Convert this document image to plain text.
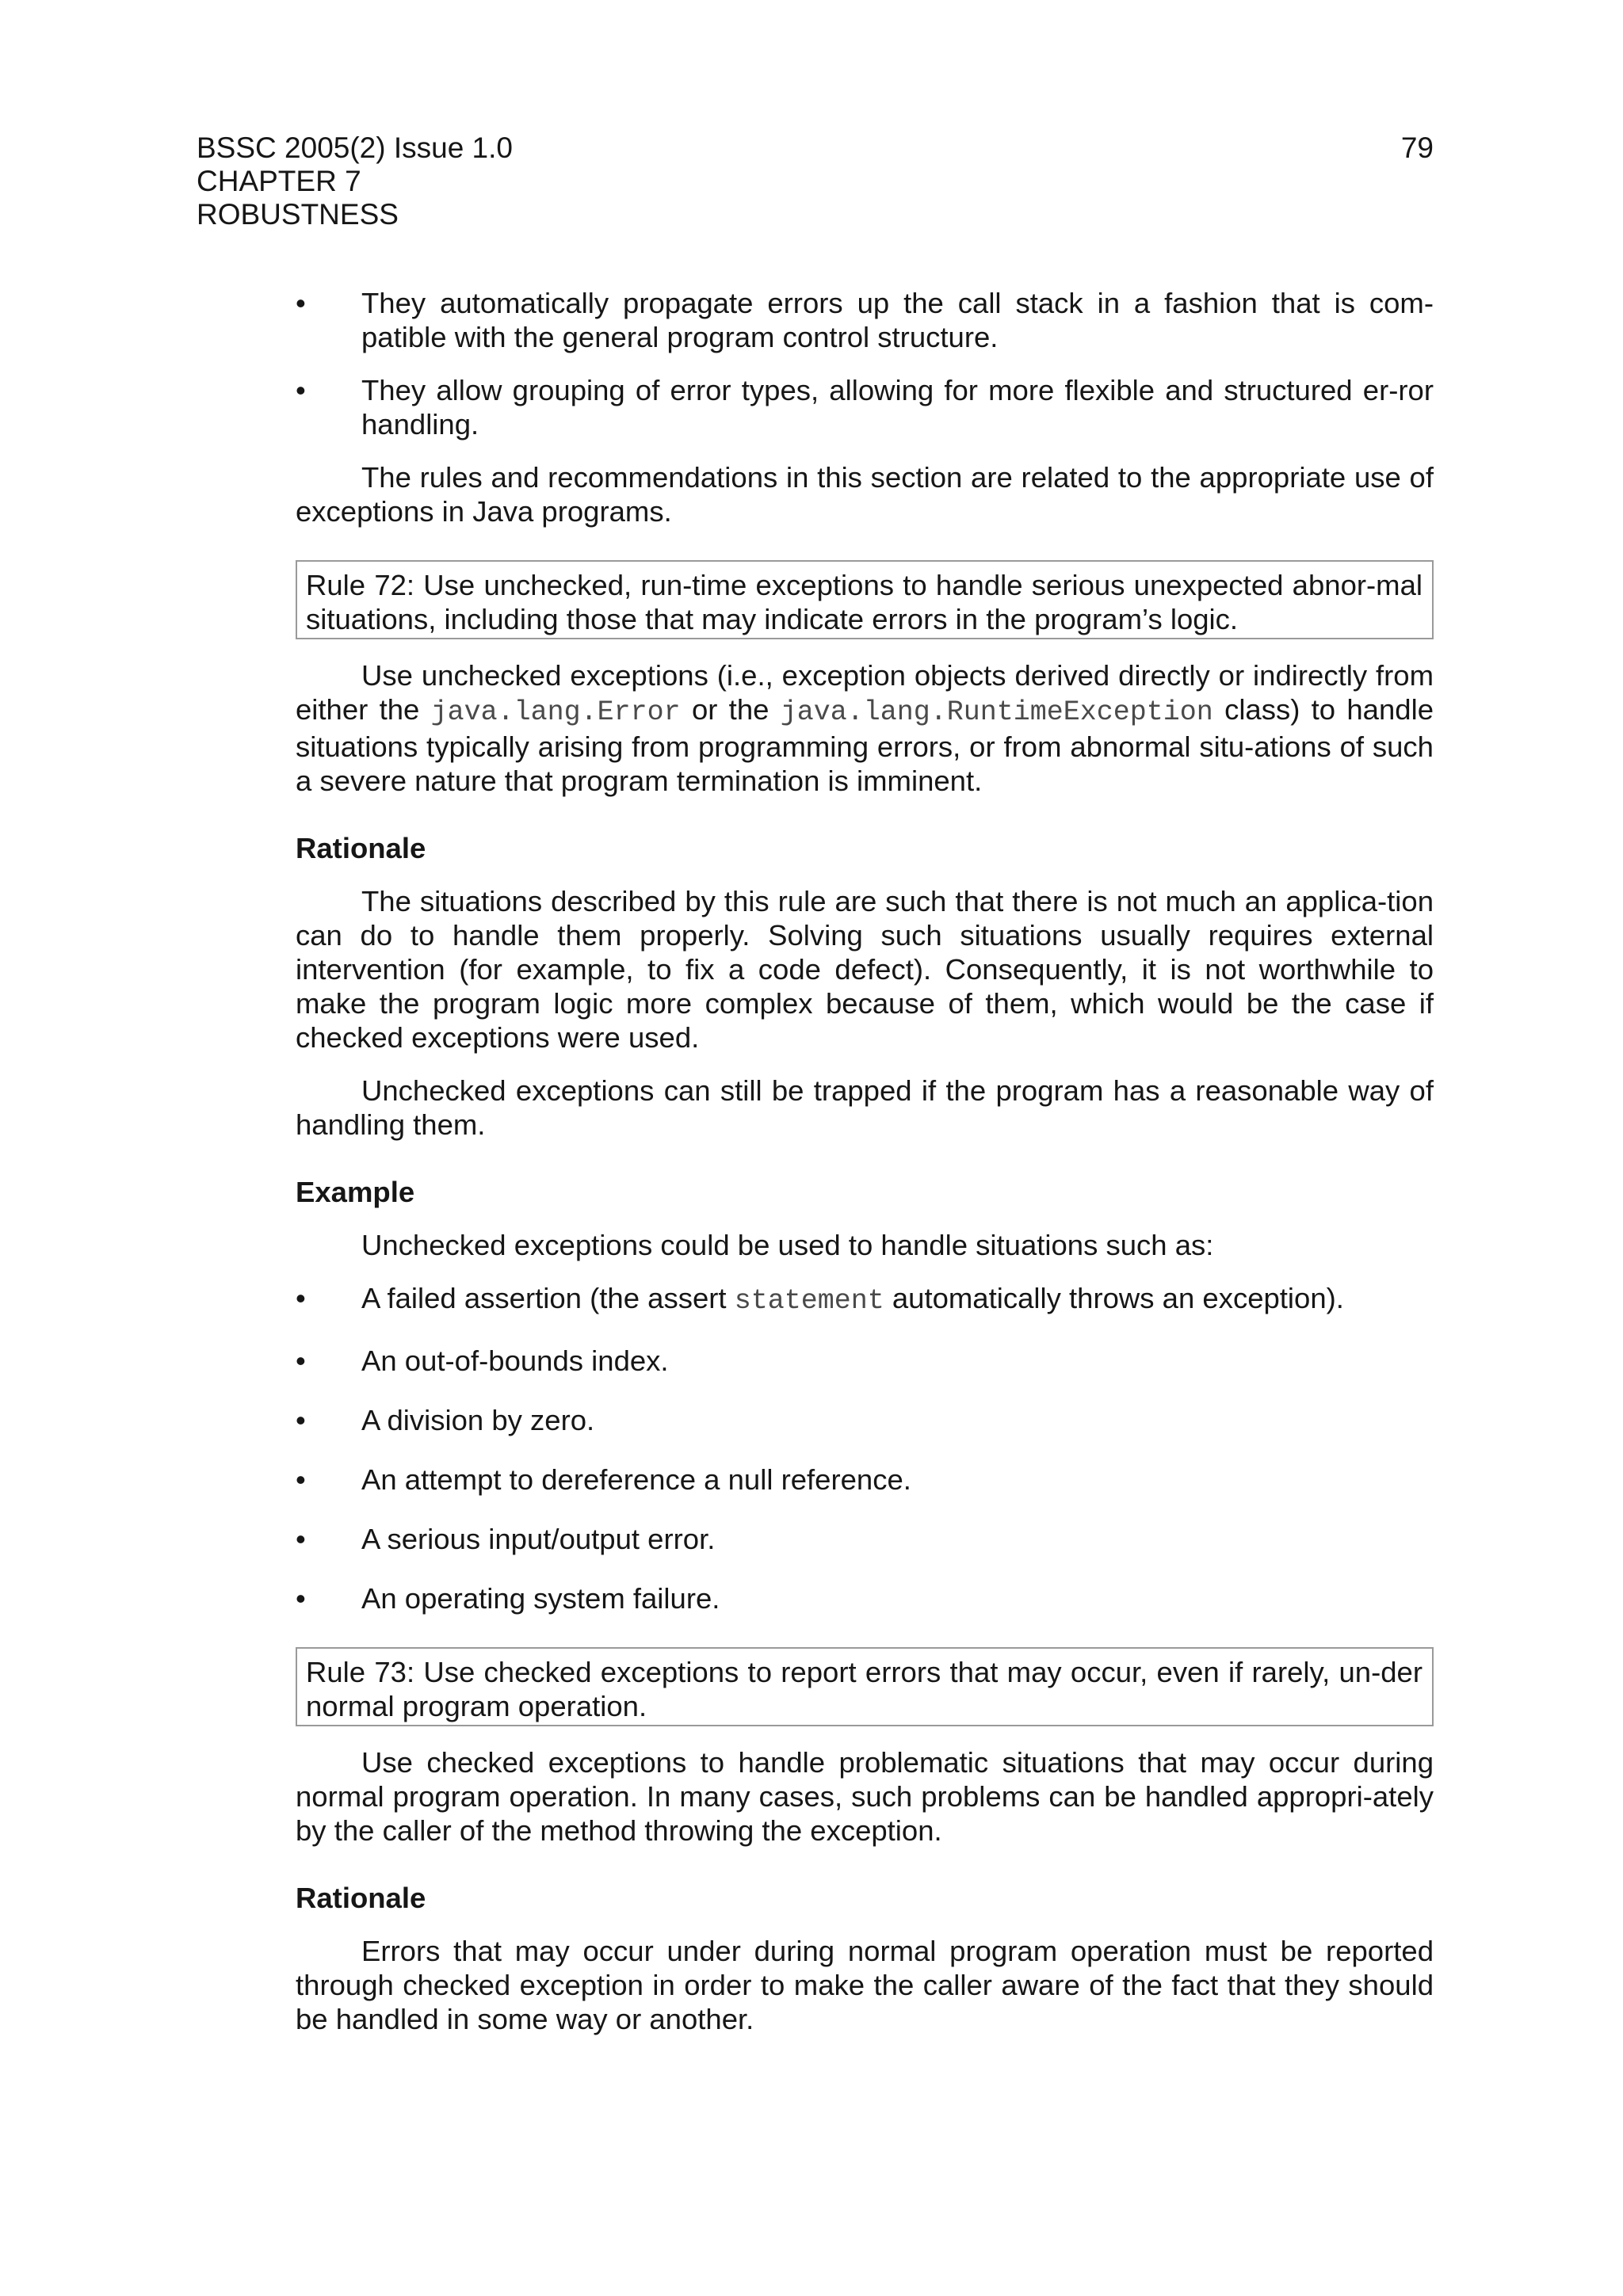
BSSC 2005(2) Issue 1.0
CHAPTER 7
ROBUSTNESS
79
•	They automatically propagate errors up the call stack in a fashion that is com-patible with the general program control structure.
•	They allow grouping of error types, allowing for more flexible and structured er-ror handling.

The rules and recommendations in this section are related to the appropriate use of exceptions in Java programs.

Rule 72: Use unchecked, run-time exceptions to handle serious unexpected abnor-mal situations, including those that may indicate errors in the program’s logic.

Use unchecked exceptions (i.e., exception objects derived directly or indirectly from either the java.lang.Error or the java.lang.RuntimeException class) to handle situations typically arising from programming errors, or from abnormal situ-ations of such a severe nature that program termination is imminent.

Rationale

The situations described by this rule are such that there is not much an applica-tion can do to handle them properly. Solving such situations usually requires external intervention (for example, to fix a code defect). Consequently, it is not worthwhile to make the program logic more complex because of them, which would be the case if checked exceptions were used.

Unchecked exceptions can still be trapped if the program has a reasonable way of handling them.

Example

Unchecked exceptions could be used to handle situations such as:

•	A failed assertion (the assert statement automatically throws an exception).
•	An out-of-bounds index.
•	A division by zero.
•	An attempt to dereference a null reference.
•	A serious input/output error.
•	An operating system failure.
Rule 73: Use checked exceptions to report errors that may occur, even if rarely, un-der normal program operation.

Use checked exceptions to handle problematic situations that may occur during normal program operation. In many cases, such problems can be handled appropri-ately by the caller of the method throwing the exception.

Rationale

Errors that may occur under during normal program operation must be reported through checked exception in order to make the caller aware of the fact that they should be handled in some way or another.
